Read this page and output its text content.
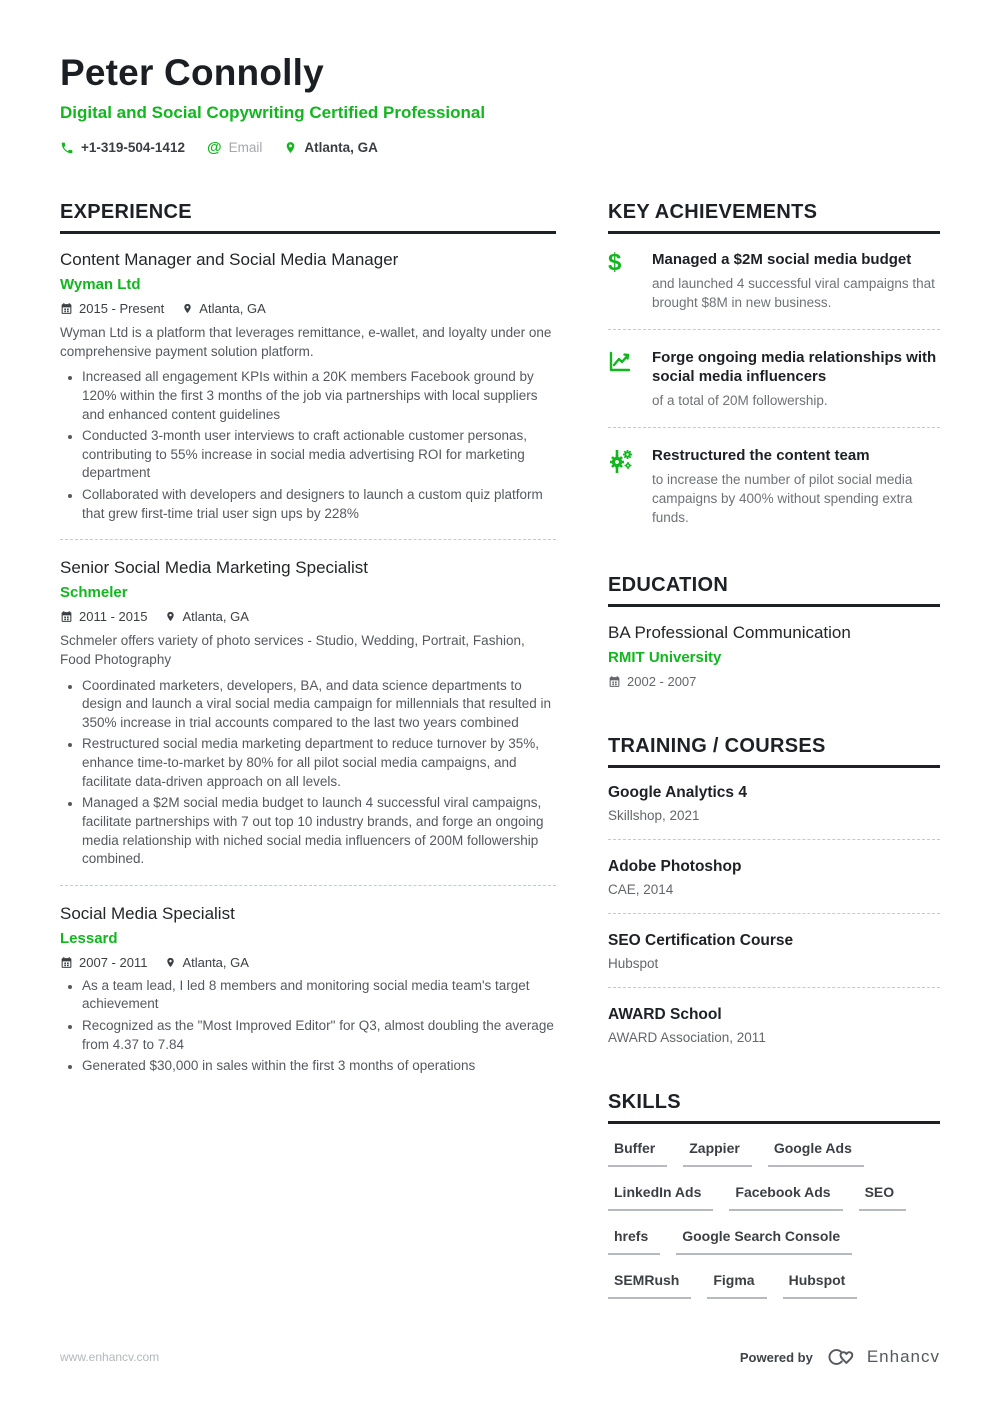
Peter Connolly
Digital and Social Copywriting Certified Professional
+1-319-504-1412 @ Email	Atlanta, GA
EXPERIENCE
Content Manager and Social Media Manager
Wyman Ltd
2015 - Present	Atlanta, GA
Wyman Ltd is a platform that leverages remittance, e-wallet, and loyalty under one comprehensive payment solution platform.
• Increased all engagement KPIs within a 20K members Facebook ground by 120% within the first 3 months of the job via partnerships with local suppliers and enhanced content guidelines
• Conducted 3-month user interviews to craft actionable customer personas, contributing to 55% increase in social media advertising ROI for marketing department
• Collaborated with developers and designers to launch a custom quiz platform that grew first-time trial user sign ups by 228%
Senior Social Media Marketing Specialist
Schmeler
2011 - 2015	Atlanta, GA
Schmeler offers variety of photo services - Studio, Wedding, Portrait, Fashion, Food Photography
• Coordinated marketers, developers, BA, and data science departments to design and launch a viral social media campaign for millennials that resulted in 350% increase in trial accounts compared to the last two years combined
• Restructured social media marketing department to reduce turnover by 35%, enhance time-to-market by 80% for all pilot social media campaigns, and facilitate data-driven approach on all levels.
• Managed a $2M social media budget to launch 4 successful viral campaigns, facilitate partnerships with 7 out top 10 industry brands, and forge an ongoing media relationship with niched social media influencers of 200M followership combined.
Social Media Specialist
Lessard
2007 - 2011	Atlanta, GA
• As a team lead, I led 8 members and monitoring social media team's target achievement
• Recognized as the "Most Improved Editor" for Q3, almost doubling the average from 4.37 to 7.84
• Generated $30,000 in sales within the first 3 months of operations
KEY ACHIEVEMENTS
$	Managed a $2M social media budget
and launched 4 successful viral campaigns that brought $8M in new business.
Forge ongoing media relationships with social media influencers
of a total of 20M followership.
Restructured the content team
to increase the number of pilot social media campaigns by 400% without spending extra funds.
EDUCATION
BA Professional Communication
RMIT University
2002 - 2007
TRAINING / COURSES
Google Analytics 4
Skillshop, 2021
Adobe Photoshop
CAE, 2014
SEO Certification Course
Hubspot
AWARD School
AWARD Association, 2011
SKILLS
Buffer	Zappier	Google Ads
LinkedIn Ads	Facebook Ads	SEO
hrefs	Google Search Console
SEMRush	Figma	Hubspot
www.enhancv.com	Powered by	Enhancv
